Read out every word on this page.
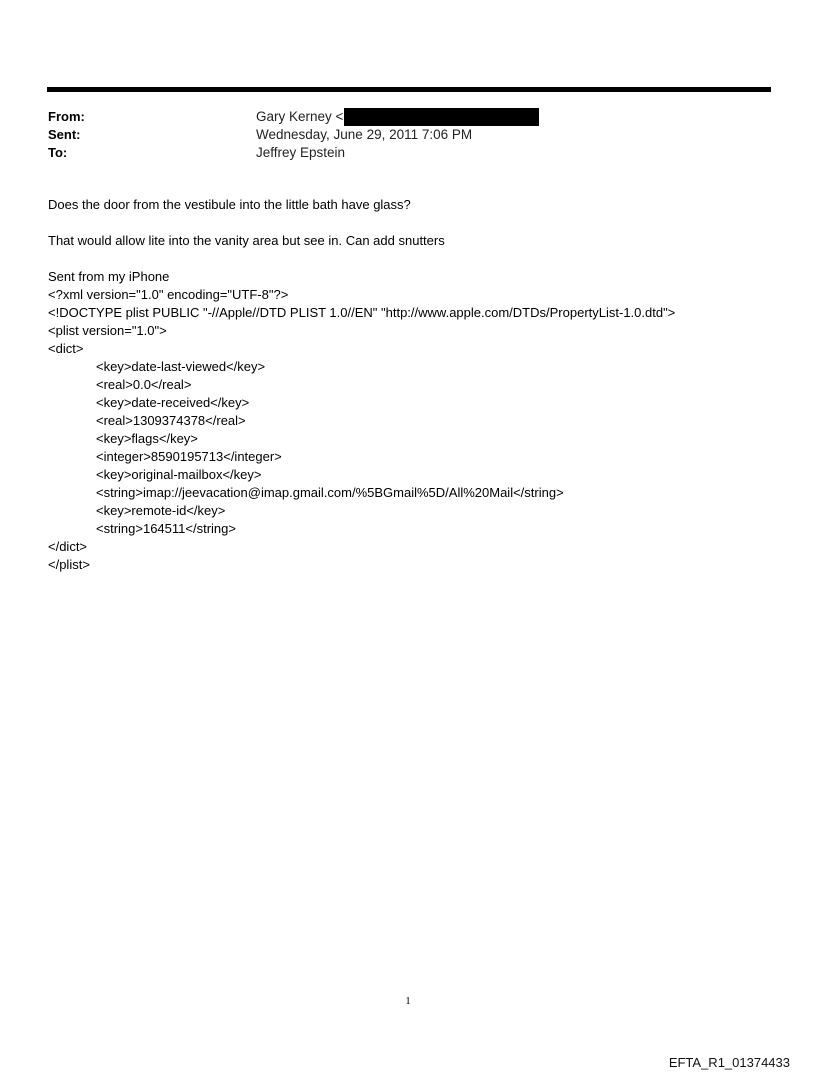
From:	Gary Kerney <
Sent:	Wednesday, June 29, 2011 7:06 PM
To:	Jeffrey Epstein

Does the door from the vestibule into the little bath have glass?

That would allow lite into the vanity area but see in. Can add snutters

Sent from my iPhone

<?xml version="1.0" encoding="UTF-8"?>

<!DOCTYPE plist PUBLIC "-//Apple//DTD PLIST 1.0//EN" "http://www.apple.com/DTDs/PropertyList-1.0.dtd">

<plist version="1.0">

<dict>

<key>date-last-viewed</key>

<real>0.0</real>

<key>date-received</key>

<real>1309374378</real>

<key>flags</key>

<integer>8590195713</integer>

<key>original-mailbox</key>

<string>imap://jeevacation@imap.gmail.com/%5BGmail%5D/All%20Mail</string>

<key>remote-id</key>

<string>164511</string>

</dict>

</plist>

1
EFTA_R1_01374433
